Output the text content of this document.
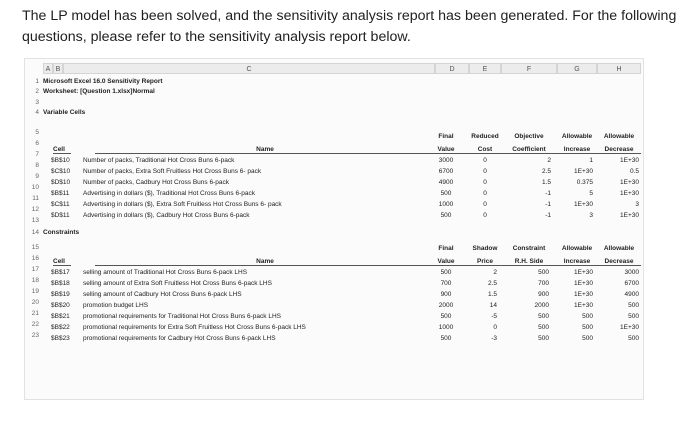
The LP model has been solved, and the sensitivity analysis report has been generated. For the following questions, please refer to the sensitivity analysis report below.
A B	C	D	E	F	G	H
1
2
3
4
5
6
7
8
9
10
11
12
13
14
15
16
17
18
19
20
21
22
23
Microsoft Excel 16.0 Sensitivity Report
Worksheet: [Question 1.xlsx]Normal
Variable Cells
Final	Reduced	Objective	Allowable	Allowable
Cell	Name	Value	Cost	Coefficient	Increase	Decrease
$B$10 Number of packs, Traditional Hot Cross Buns 6-pack	3000	0	2	1	1E+30
$C$10 Number of packs, Extra Soft Fruitless Hot Cross Buns 6- pack	6700	0	2.5	1E+30	0.5
$D$10 Number of packs, Cadbury Hot Cross Buns 6-pack	4900	0	1.5	0.375	1E+30
$B$11 Advertising in dollars ($), Traditional Hot Cross Buns 6-pack	500	0	-1	5	1E+30
$C$11 Advertising in dollars ($), Extra Soft Fruitless Hot Cross Buns 6- pack	1000	0	-1	1E+30	3
$D$11 Advertising in dollars ($), Cadbury Hot Cross Buns 6-pack	500	0	-1	3	1E+30
Constraints
Final	Shadow	Constraint	Allowable	Allowable
Cell	Name	Value	Price	R.H. Side	Increase	Decrease
$B$17 selling amount of Traditional Hot Cross Buns 6-pack LHS	500	2	500	1E+30	3000
$B$18 selling amount of Extra Soft Fruitless Hot Cross Buns 6-pack LHS	700	2.5	700	1E+30	6700
$B$19 selling amount of Cadbury Hot Cross Buns 6-pack LHS	900	1.5	900	1E+30	4900
$B$20 promotion budget LHS	2000	14	2000	1E+30	500
$B$21 promotional requirements for Traditional Hot Cross Buns 6-pack LHS	500	-5	500	500	500
$B$22 promotional requirements for Extra Soft Fruitless Hot Cross Buns 6-pack LHS	1000	0	500	500	1E+30
$B$23 promotional requirements for Cadbury Hot Cross Buns 6-pack LHS	500	-3	500	500	500
